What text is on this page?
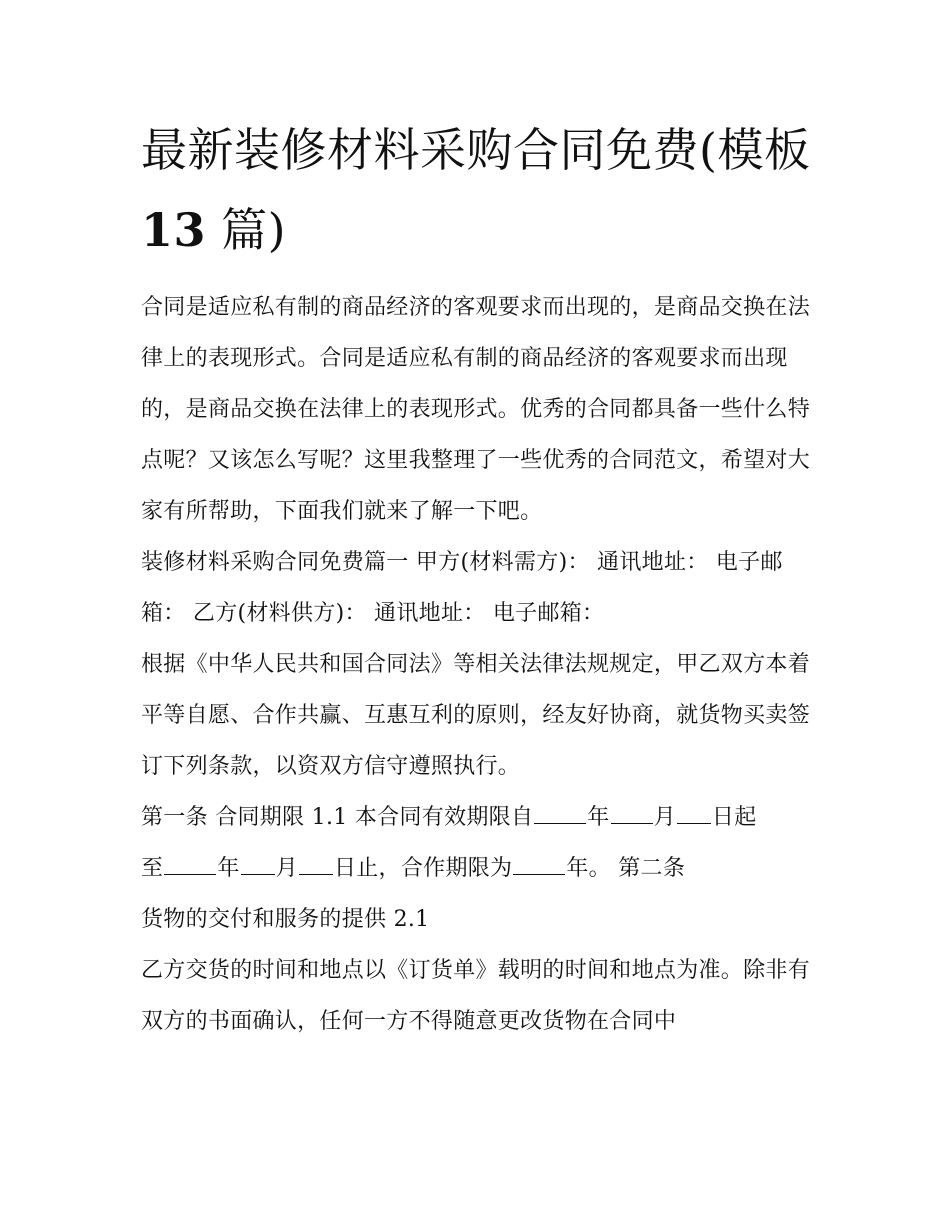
最新装修材料采购合同免费(模板 13 篇)

合同是适应私有制的商品经济的客观要求而出现的，是商品交换在法律上的表现形式。合同是适应私有制的商品经济的客观要求而出现的，是商品交换在法律上的表现形式。优秀的合同都具备一些什么特点呢？又该怎么写呢？这里我整理了一些优秀的合同范文，希望对大家有所帮助，下面我们就来了解一下吧。

装修材料采购合同免费篇一 甲方(材料需方)： 通讯地址： 电子邮箱： 乙方(材料供方)： 通讯地址： 电子邮箱：

根据《中华人民共和国合同法》等相关法律法规规定，甲乙双方本着平等自愿、合作共赢、互惠互利的原则，经友好协商，就货物买卖签订下列条款，以资双方信守遵照执行。

第一条 合同期限 1.1 本合同有效期限自 年 月 日起

至 年 月 日止，合作期限为 年。 第二条

货物的交付和服务的提供 2.1

乙方交货的时间和地点以《订货单》载明的时间和地点为准。除非有双方的书面确认，任何一方不得随意更改货物在合同中
